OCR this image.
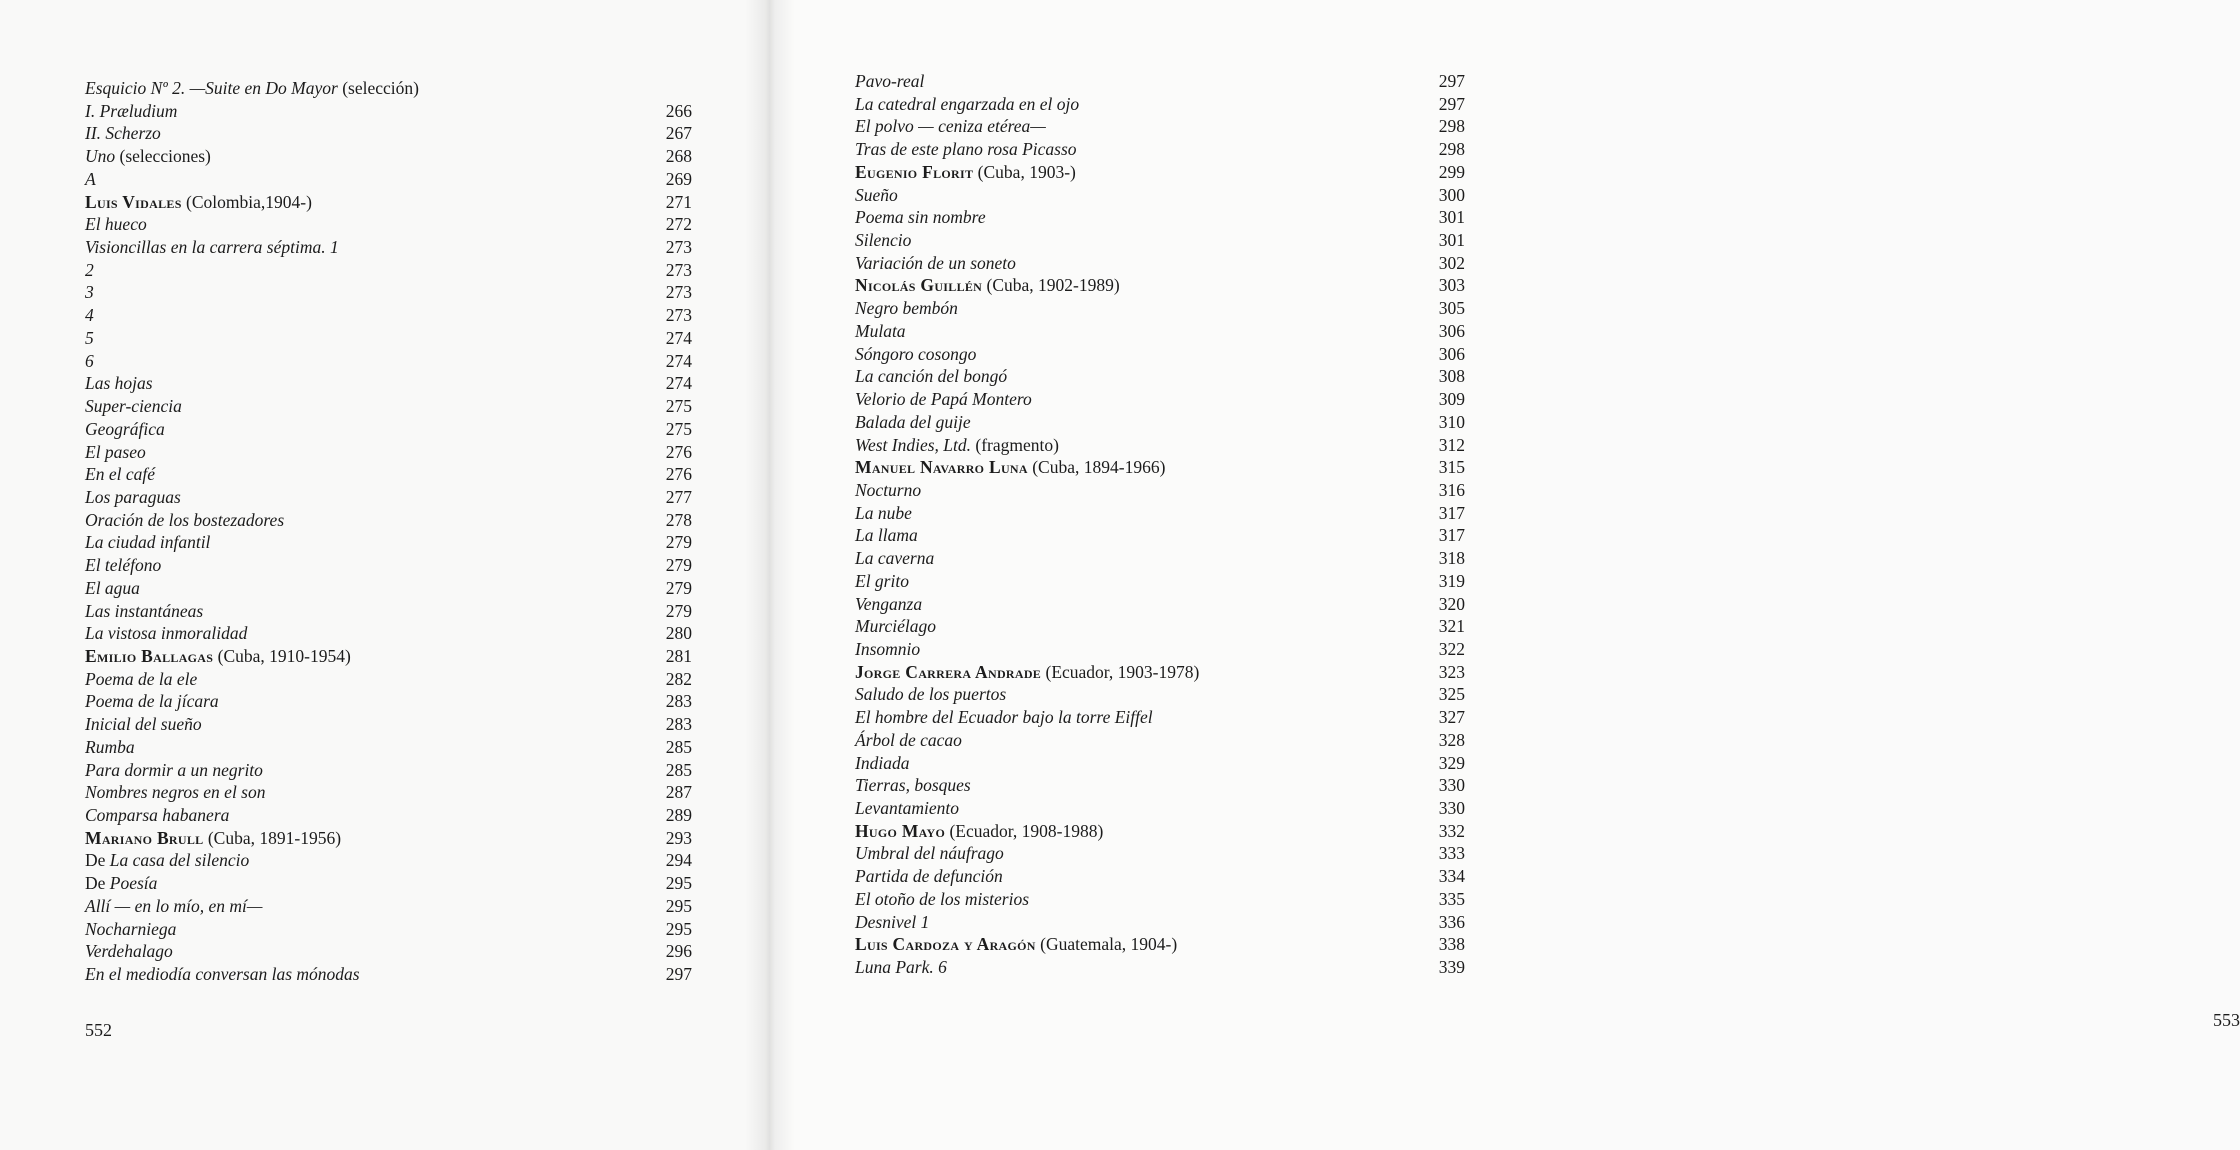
Esquicio Nº 2. —Suite en Do Mayor (selección)
I. Præludium	266
II. Scherzo	267
Uno (selecciones)	268
A	269
Luis Vidales (Colombia,1904-)	271
El hueco	272
Visioncillas en la carrera séptima. 1	273
2	273
3	273
4	273
5	274
6	274
Las hojas	274
Super-ciencia	275
Geográfica	275
El paseo	276
En el café	276
Los paraguas	277
Oración de los bostezadores	278
La ciudad infantil	279
El teléfono	279
El agua	279
Las instantáneas	279
La vistosa inmoralidad	280
Emilio Ballagas (Cuba, 1910-1954)	281
Poema de la ele	282
Poema de la jícara	283
Inicial del sueño	283
Rumba	285
Para dormir a un negrito	285
Nombres negros en el son	287
Comparsa habanera	289
Mariano Brull (Cuba, 1891-1956)	293
De La casa del silencio	294
De Poesía	295
Allí — en lo mío, en mí—	295
Nocharniega	295
Verdehalago	296
En el mediodía conversan las mónodas	297
552	553
Pavo-real	297
La catedral engarzada en el ojo	297
El polvo — ceniza etérea—	298
Tras de este plano rosa Picasso	298
Eugenio Florit (Cuba, 1903-)	299
Sueño	300
Poema sin nombre	301
Silencio	301
Variación de un soneto	302
Nicolás Guillén (Cuba, 1902-1989)	303
Negro bembón	305
Mulata	306
Sóngoro cosongo	306
La canción del bongó	308
Velorio de Papá Montero	309
Balada del guije	310
West Indies, Ltd. (fragmento)	312
Manuel Navarro Luna (Cuba, 1894-1966)	315
Nocturno	316
La nube	317
La llama	317
La caverna	318
El grito	319
Venganza	320
Murciélago	321
Insomnio	322
Jorge Carrera Andrade (Ecuador, 1903-1978)	323
Saludo de los puertos	325
El hombre del Ecuador bajo la torre Eiffel	327
Árbol de cacao	328
Indiada	329
Tierras, bosques	330
Levantamiento	330
Hugo Mayo (Ecuador, 1908-1988)	332
Umbral del náufrago	333
Partida de defunción	334
El otoño de los misterios	335
Desnivel 1	336
Luis Cardoza y Aragón (Guatemala, 1904-)	338
Luna Park. 6	339
